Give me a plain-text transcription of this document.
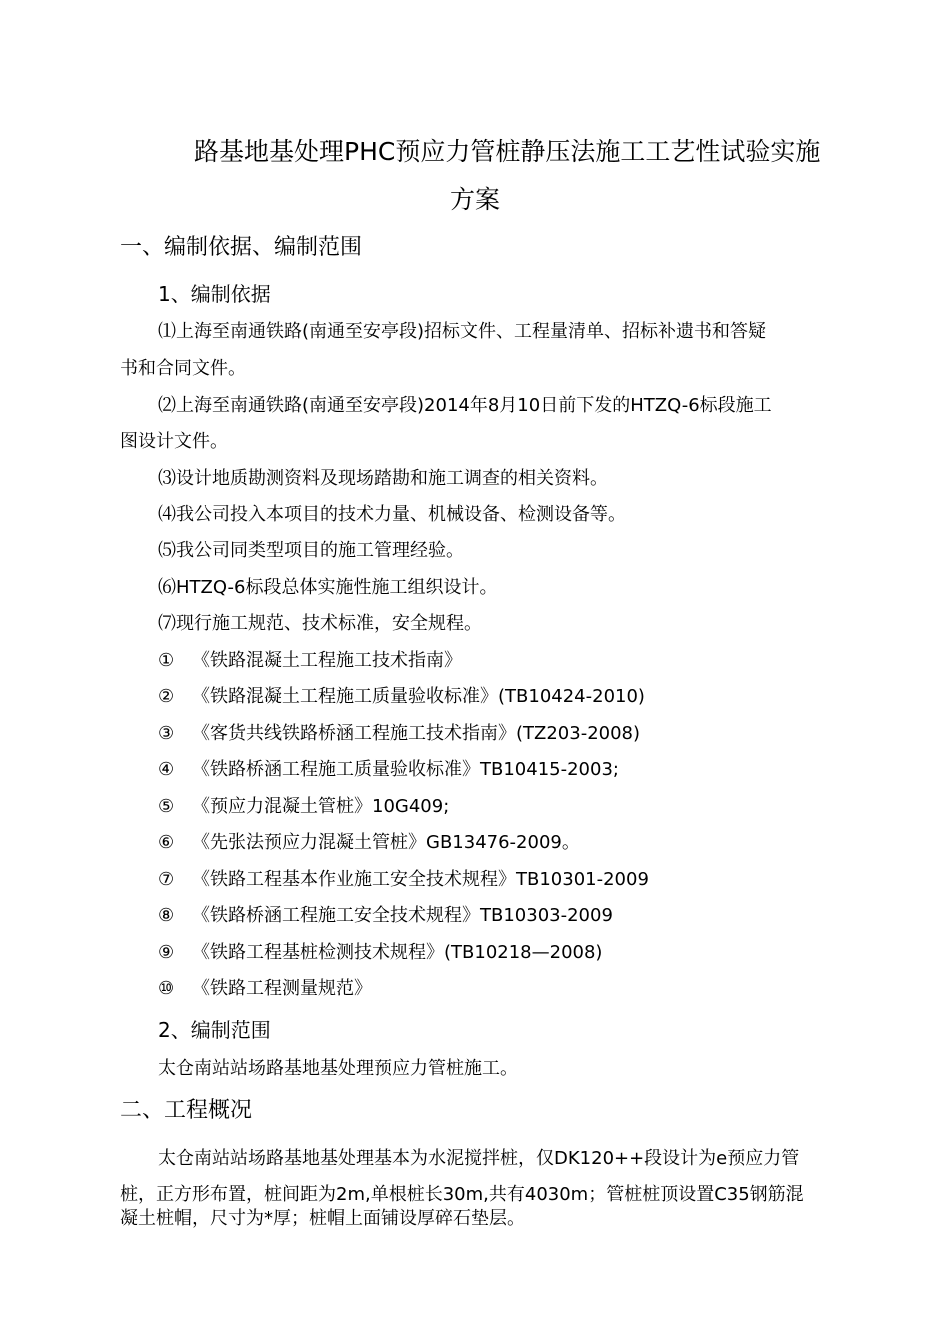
路基地基处理PHC预应力管桩静压法施工工艺性试验实施
方案
一、编制依据、编制范围
1、编制依据
⑴上海至南通铁路(南通至安亭段)招标文件、工程量清单、招标补遗书和答疑
书和合同文件。
⑵上海至南通铁路(南通至安亭段)2014年8月10日前下发的HTZQ-6标段施工
图设计文件。
⑶设计地质勘测资料及现场踏勘和施工调查的相关资料。
⑷我公司投入本项目的技术力量、机械设备、检测设备等。
⑸我公司同类型项目的施工管理经验。
⑹HTZQ-6标段总体实施性施工组织设计。
⑺现行施工规范、技术标准，安全规程。
① 《铁路混凝土工程施工技术指南》
② 《铁路混凝土工程施工质量验收标准》(TB10424-2010)
③ 《客货共线铁路桥涵工程施工技术指南》(TZ203-2008)
④ 《铁路桥涵工程施工质量验收标准》TB10415-2003;
⑤ 《预应力混凝土管桩》10G409;
⑥ 《先张法预应力混凝土管桩》GB13476-2009。
⑦ 《铁路工程基本作业施工安全技术规程》TB10301-2009
⑧ 《铁路桥涵工程施工安全技术规程》TB10303-2009
⑨ 《铁路工程基桩检测技术规程》(TB10218—2008)
⑩ 《铁路工程测量规范》
2、编制范围
太仓南站站场路基地基处理预应力管桩施工。
二、工程概况
太仓南站站场路基地基处理基本为水泥搅拌桩，仅DK120++段设计为e预应力管
桩，正方形布置，桩间距为2m,单根桩长30m,共有4030m；管桩桩顶设置C35钢筋混
凝土桩帽，尺寸为*厚；桩帽上面铺设厚碎石垫层。
